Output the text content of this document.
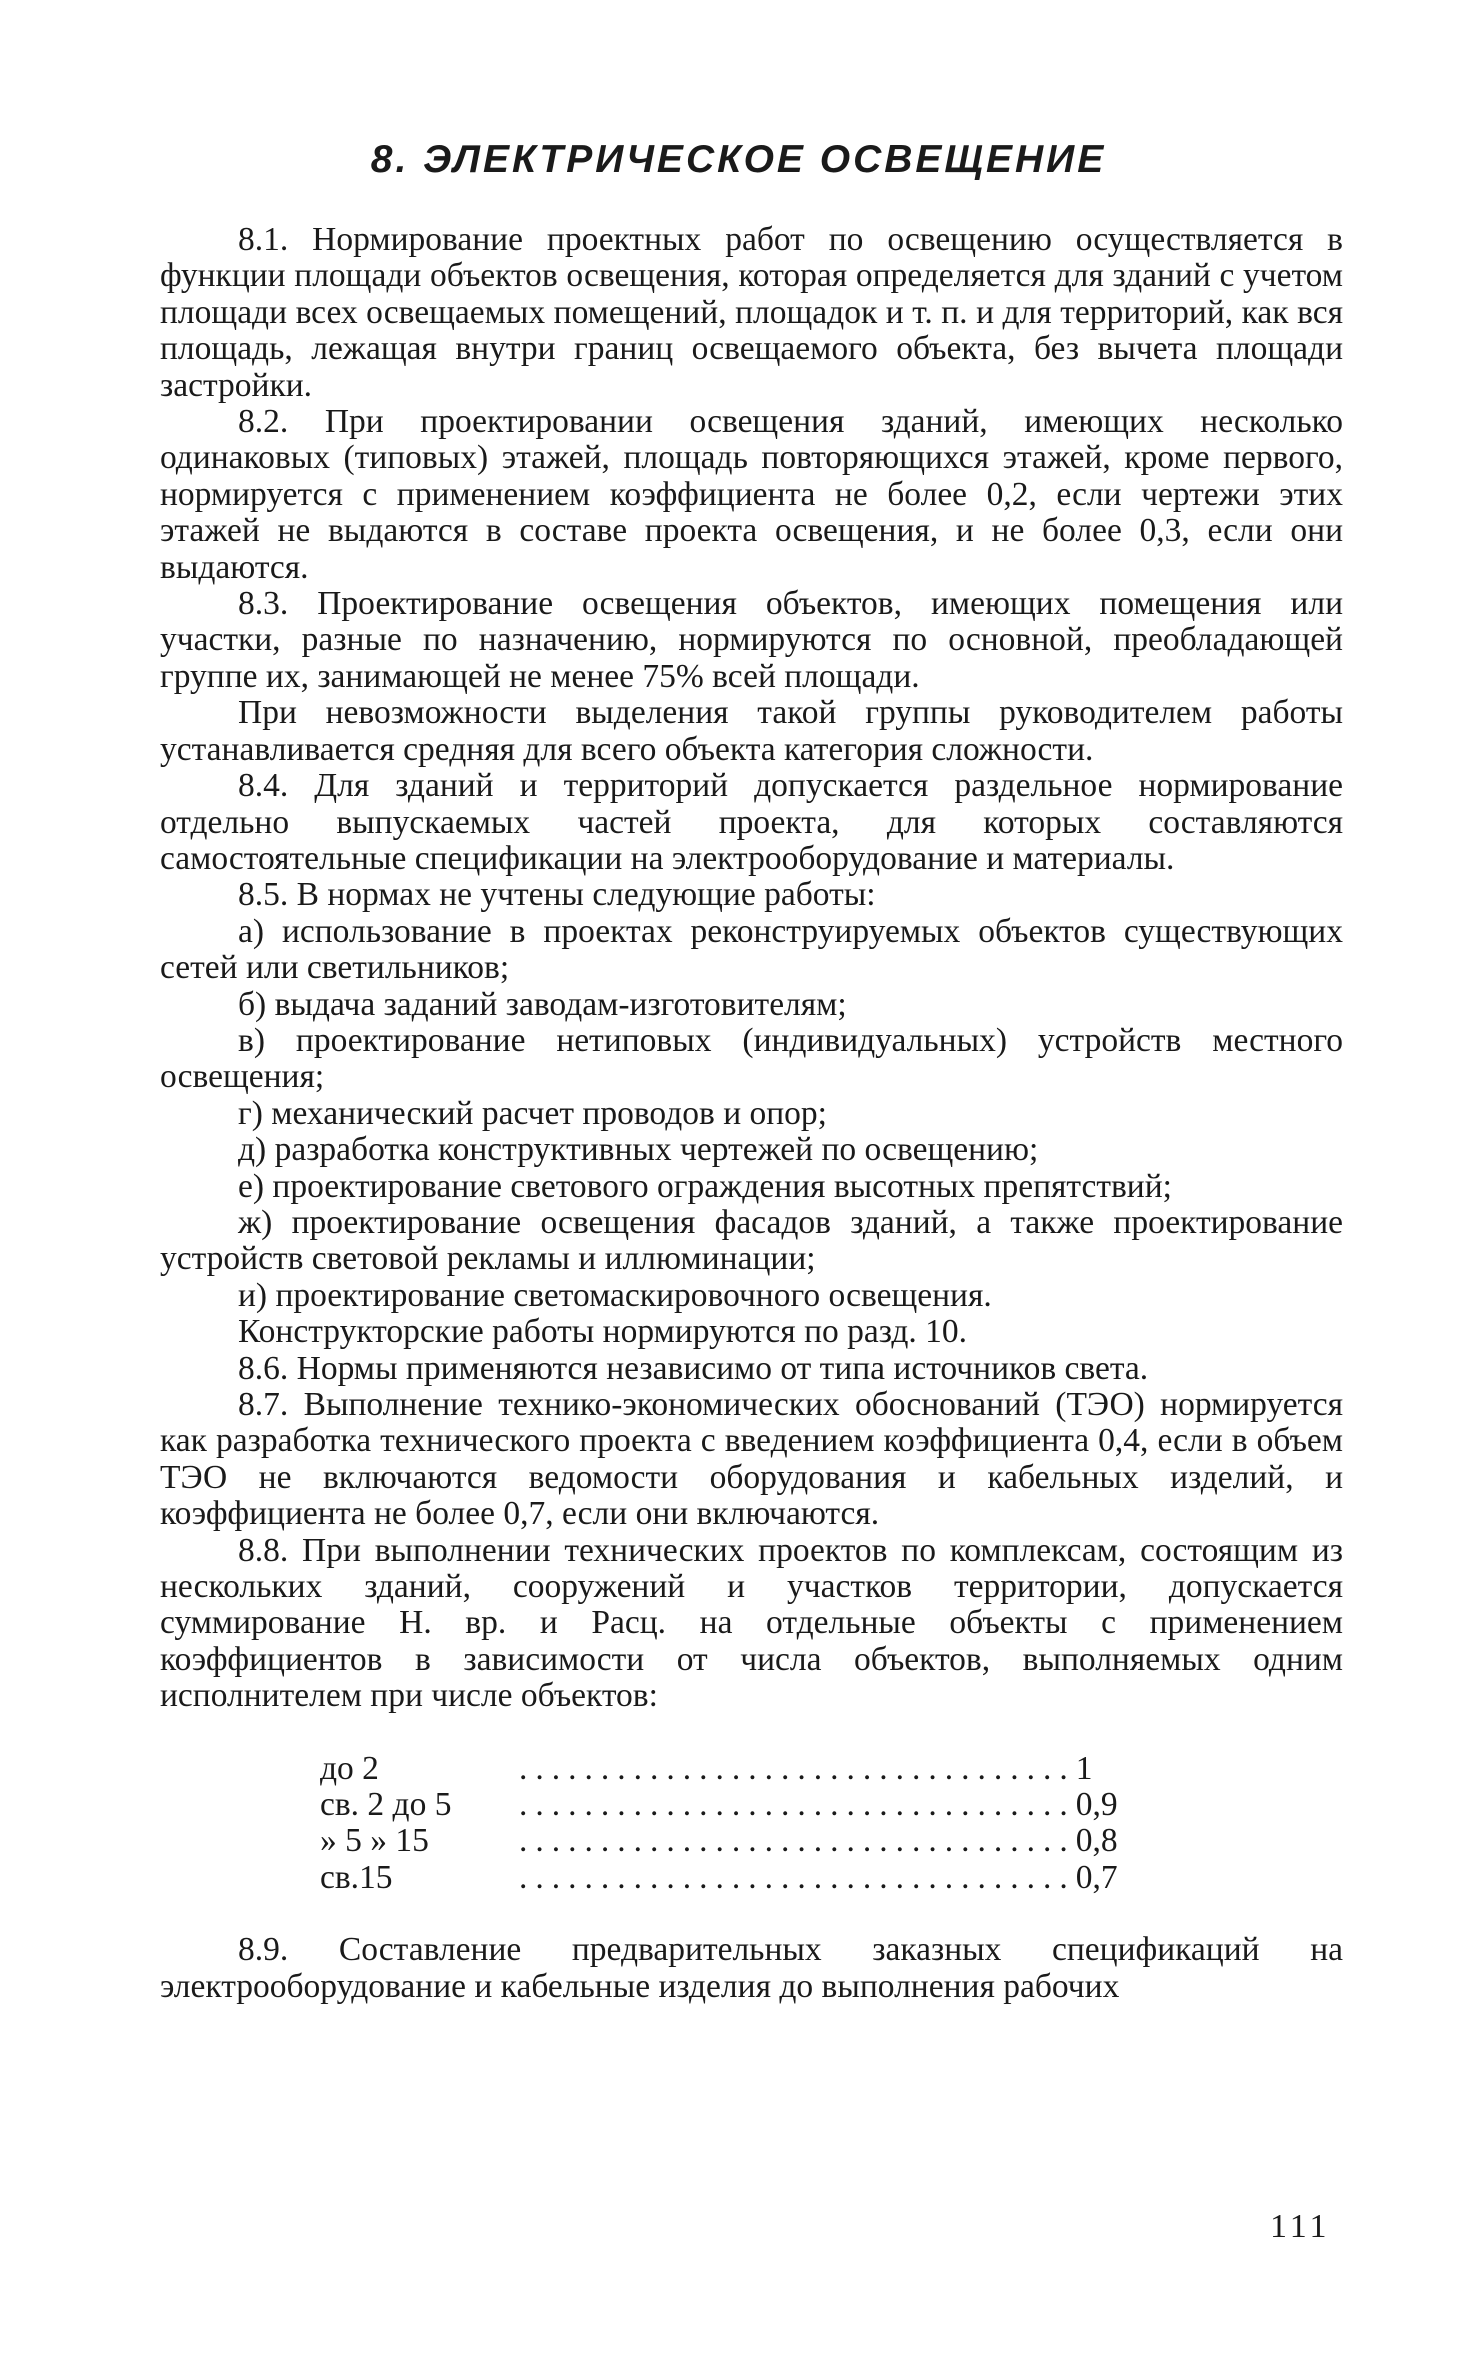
8. ЭЛЕКТРИЧЕСКОЕ ОСВЕЩЕНИЕ

8.1. Нормирование проектных работ по освещению осуществляется в функции площади объектов освещения, которая определяется для зданий с учетом площади всех освещаемых помещений, площадок и т. п. и для территорий, как вся площадь, лежащая внутри границ освещаемого объекта, без вычета площади застройки.

8.2. При проектировании освещения зданий, имеющих несколько одинаковых (типовых) этажей, площадь повторяющихся этажей, кроме первого, нормируется с применением коэффициента не более 0,2, если чертежи этих этажей не выдаются в составе проекта освещения, и не более 0,3, если они выдаются.

8.3. Проектирование освещения объектов, имеющих помещения или участки, разные по назначению, нормируются по основной, преобладающей группе их, занимающей не менее 75% всей площади.

При невозможности выделения такой группы руководителем работы устанавливается средняя для всего объекта категория сложности.

8.4. Для зданий и территорий допускается раздельное нормирование отдельно выпускаемых частей проекта, для которых составляются самостоятельные спецификации на электрооборудование и материалы.

8.5. В нормах не учтены следующие работы:

а) использование в проектах реконструируемых объектов существующих сетей или светильников;

б) выдача заданий заводам-изготовителям;

в) проектирование нетиповых (индивидуальных) устройств местного освещения;

г) механический расчет проводов и опор;

д) разработка конструктивных чертежей по освещению;

е) проектирование светового ограждения высотных препятствий;

ж) проектирование освещения фасадов зданий, а также проектирование устройств световой рекламы и иллюминации;

и) проектирование светомаскировочного освещения.

Конструкторские работы нормируются по разд. 10.

8.6. Нормы применяются независимо от типа источников света.

8.7. Выполнение технико-экономических обоснований (ТЭО) нормируется как разработка технического проекта с введением коэффициента 0,4, если в объем ТЭО не включаются ведомости оборудования и кабельных изделий, и коэффициента не более 0,7, если они включаются.

8.8. При выполнении технических проектов по комплексам, состоящим из нескольких зданий, сооружений и участков территории, допускается суммирование Н. вр. и Расц. на отдельные объекты с применением коэффициентов в зависимости от числа объектов, выполняемых одним исполнителем при числе объектов:

до 2	.................................. 1
св. 2 до 5	.................................. 0,9
» 5 » 15	.................................. 0,8
св.15	.................................. 0,7

8.9. Составление предварительных заказных спецификаций на электрооборудование и кабельные изделия до выполнения рабочих

111
